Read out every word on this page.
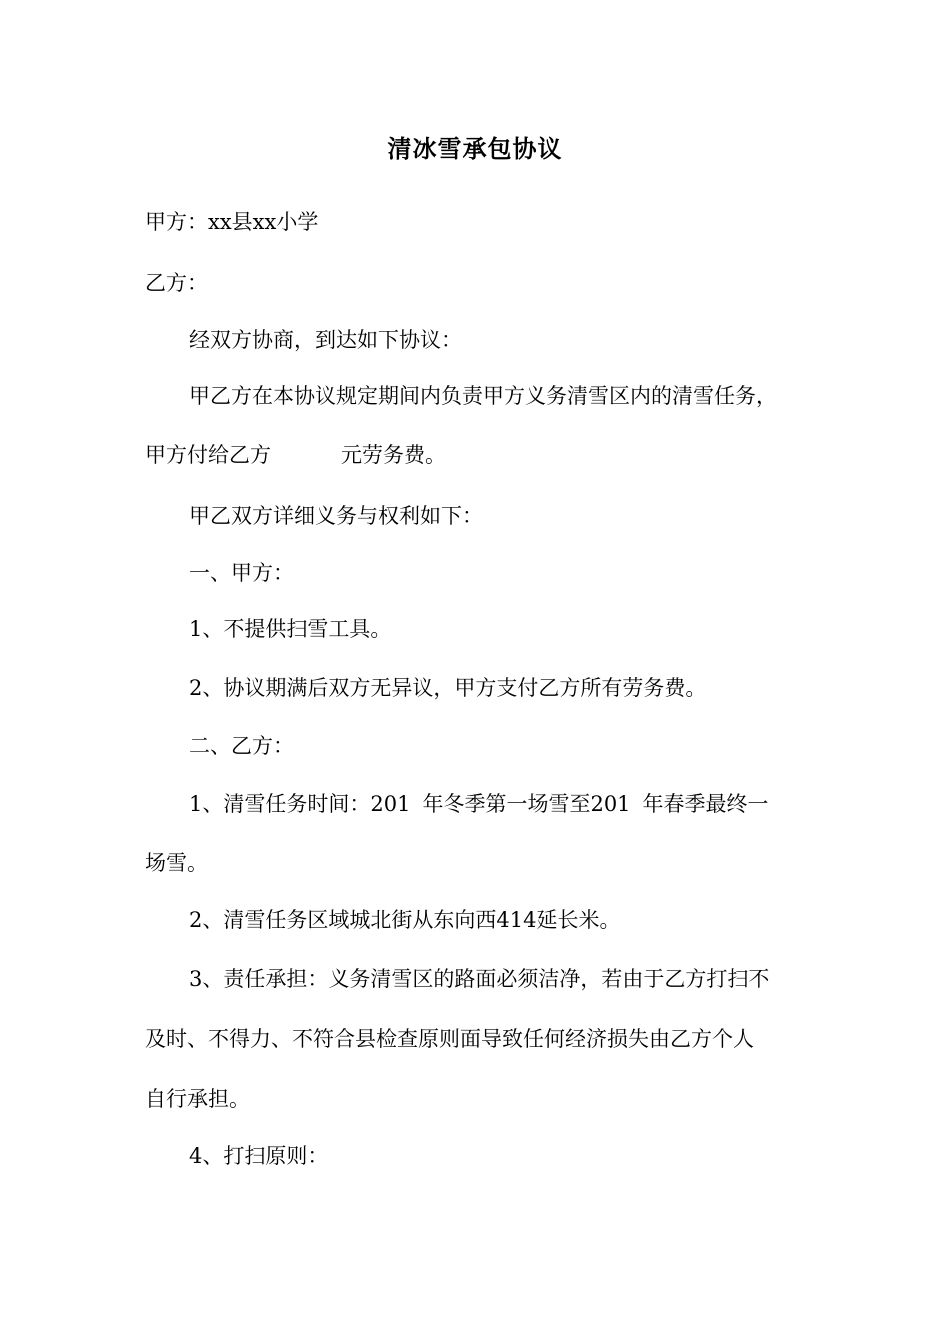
清冰雪承包协议
甲方：xx县xx小学
乙方：
经双方协商，到达如下协议：
甲乙方在本协议规定期间内负责甲方义务清雪区内的清雪任务，
甲方付给乙方	元劳务费。
甲乙双方详细义务与权利如下：
一、甲方：
1、不提供扫雪工具。
2、协议期满后双方无异议，甲方支付乙方所有劳务费。
二、乙方：
1、清雪任务时间：201 年冬季第一场雪至201 年春季最终一
场雪。
2、清雪任务区域城北街从东向西414延长米。
3、责任承担：义务清雪区的路面必须洁净，若由于乙方打扫不
及时、不得力、不符合县检查原则面导致任何经济损失由乙方个人
自行承担。
4、打扫原则：
